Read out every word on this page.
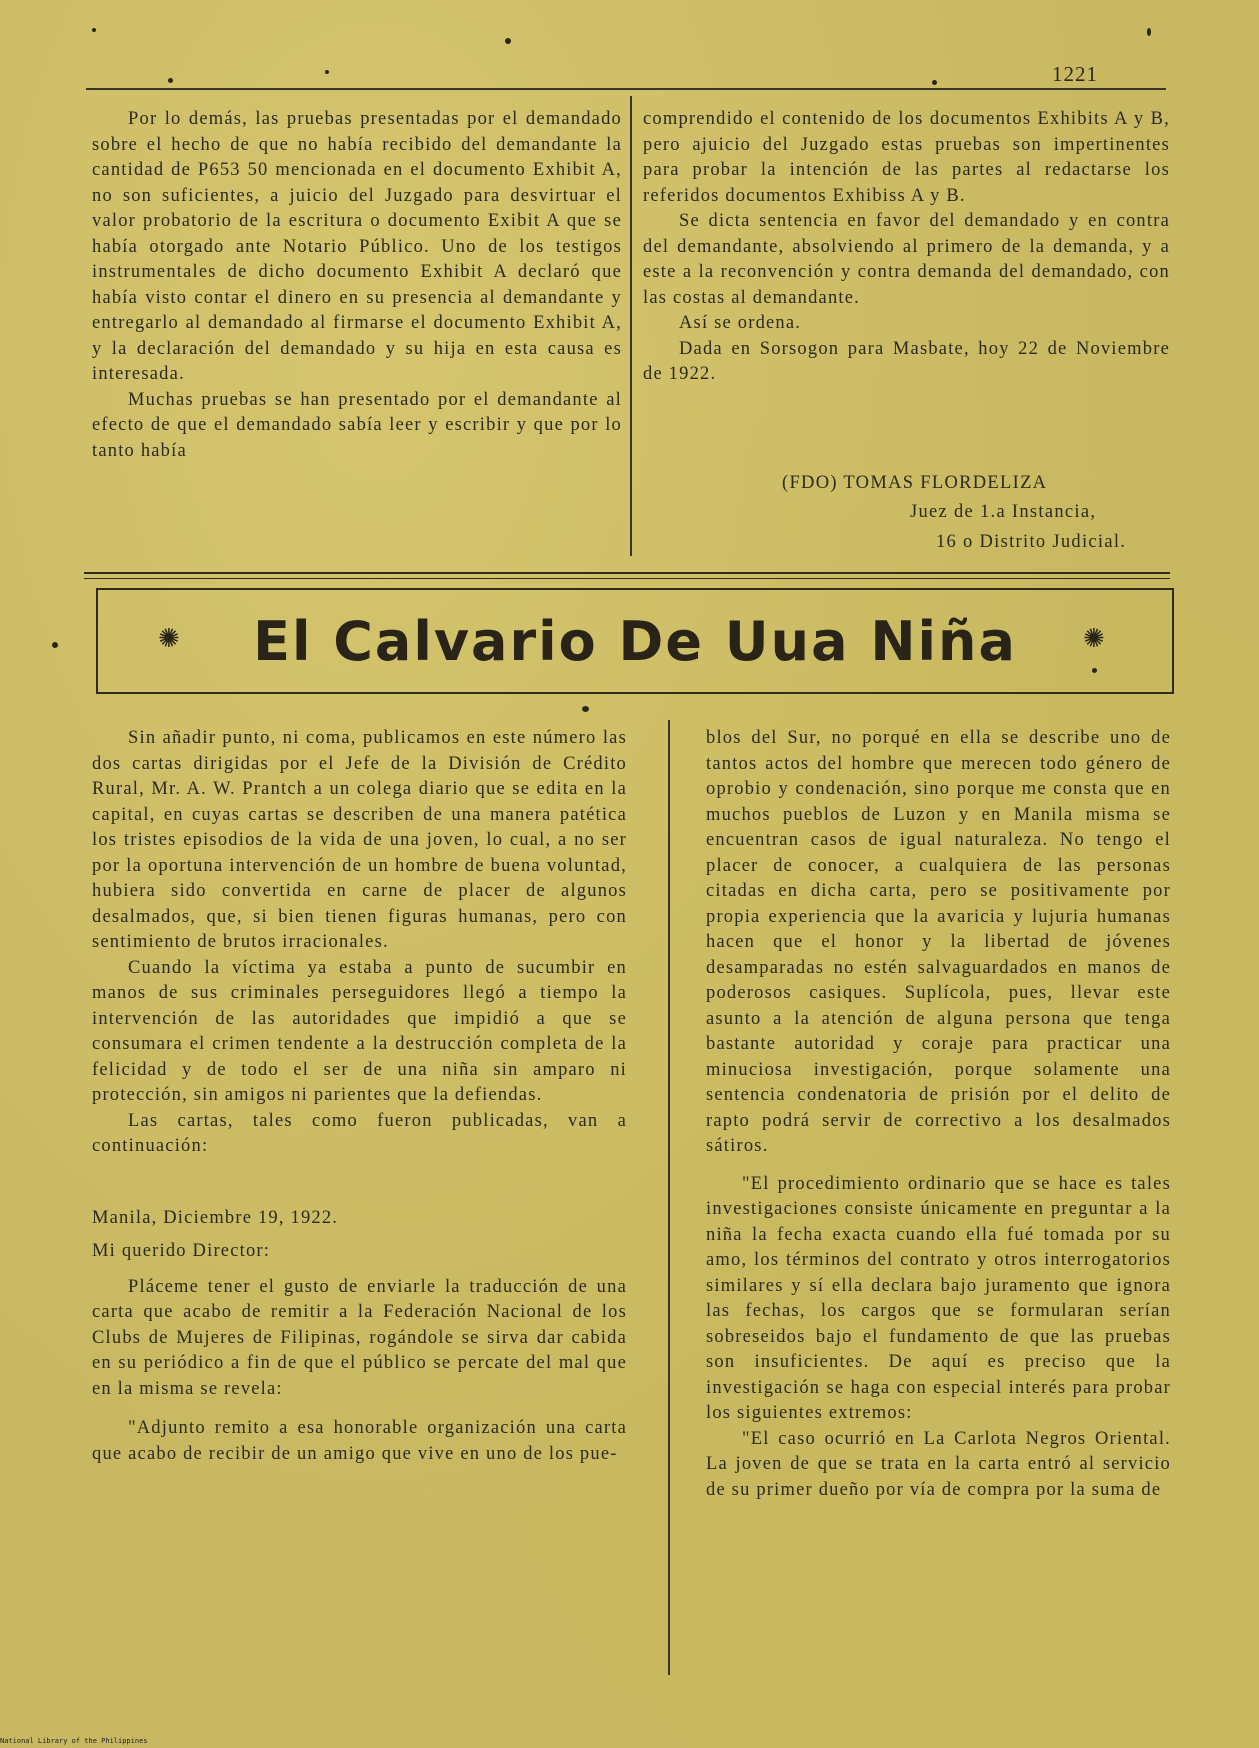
1221

Por lo demás, las pruebas presentadas por el demandado sobre el hecho de que no había recibido del demandante la cantidad de P653 50 mencionada en el documento Exhibit A, no son suficientes, a juicio del Juzgado para desvirtuar el valor probatorio de la escritura o documento Exibit A que se había otorgado ante Notario Público. Uno de los testigos instrumentales de dicho documento Exhibit A declaró que había visto contar el dinero en su presencia al demandante y entregarlo al demandado al firmarse el documento Exhibit A, y la declaración del demandado y su hija en esta causa es interesada.

Muchas pruebas se han presentado por el demandante al efecto de que el demandado sabía leer y escribir y que por lo tanto había

comprendido el contenido de los documentos Exhibits A y B, pero ajuicio del Juzgado estas pruebas son impertinentes para probar la intención de las partes al redactarse los referidos documentos Exhibiss A y B.

Se dicta sentencia en favor del demandado y en contra del demandante, absolviendo al primero de la demanda, y a este a la reconvención y contra demanda del demandado, con las costas al demandante.

Así se ordena.

Dada en Sorsogon para Masbate, hoy 22 de Noviembre de 1922.

(FDO) TOMAS FLORDELIZA
Juez de 1.a Instancia,
16 o Distrito Judicial.
✺	El Calvario De Uua Niña	✺

Sin añadir punto, ni coma, publicamos en este número las dos cartas dirigidas por el Jefe de la División de Crédito Rural, Mr. A. W. Prantch a un colega diario que se edita en la capital, en cuyas cartas se describen de una manera patética los tristes episodios de la vida de una joven, lo cual, a no ser por la oportuna intervención de un hombre de buena voluntad, hubiera sido convertida en carne de placer de algunos desalmados, que, si bien tienen figuras humanas, pero con sentimiento de brutos irracionales.

Cuando la víctima ya estaba a punto de sucumbir en manos de sus criminales perseguidores llegó a tiempo la intervención de las autoridades que impidió a que se consumara el crimen tendente a la destrucción completa de la felicidad y de todo el ser de una niña sin amparo ni protección, sin amigos ni parientes que la defiendas.

Las cartas, tales como fueron publicadas, van a continuación:

Manila, Diciembre 19, 1922.

Mi querido Director:

Pláceme tener el gusto de enviarle la traducción de una carta que acabo de remitir a la Federación Nacional de los Clubs de Mujeres de Filipinas, rogándole se sirva dar cabida en su periódico a fin de que el público se percate del mal que en la misma se revela:

"Adjunto remito a esa honorable organización una carta que acabo de recibir de un amigo que vive en uno de los pue-

blos del Sur, no porqué en ella se describe uno de tantos actos del hombre que merecen todo género de oprobio y condenación, sino porque me consta que en muchos pueblos de Luzon y en Manila misma se encuentran casos de igual naturaleza. No tengo el placer de conocer, a cualquiera de las personas citadas en dicha carta, pero se positivamente por propia experiencia que la avaricia y lujuria humanas hacen que el honor y la libertad de jóvenes desamparadas no estén salvaguardados en manos de poderosos casiques. Suplícola, pues, llevar este asunto a la atención de alguna persona que tenga bastante autoridad y coraje para practicar una minuciosa investigación, porque solamente una sentencia condenatoria de prisión por el delito de rapto podrá servir de correctivo a los desalmados sátiros.

"El procedimiento ordinario que se hace es tales investigaciones consiste únicamente en preguntar a la niña la fecha exacta cuando ella fué tomada por su amo, los términos del contrato y otros interrogatorios similares y sí ella declara bajo juramento que ignora las fechas, los cargos que se formularan serían sobreseidos bajo el fundamento de que las pruebas son insuficientes. De aquí es preciso que la investigación se haga con especial interés para probar los siguientes extremos:

"El caso ocurrió en La Carlota Negros Oriental. La joven de que se trata en la carta entró al servicio de su primer dueño por vía de compra por la suma de

National Library of the Philippines
